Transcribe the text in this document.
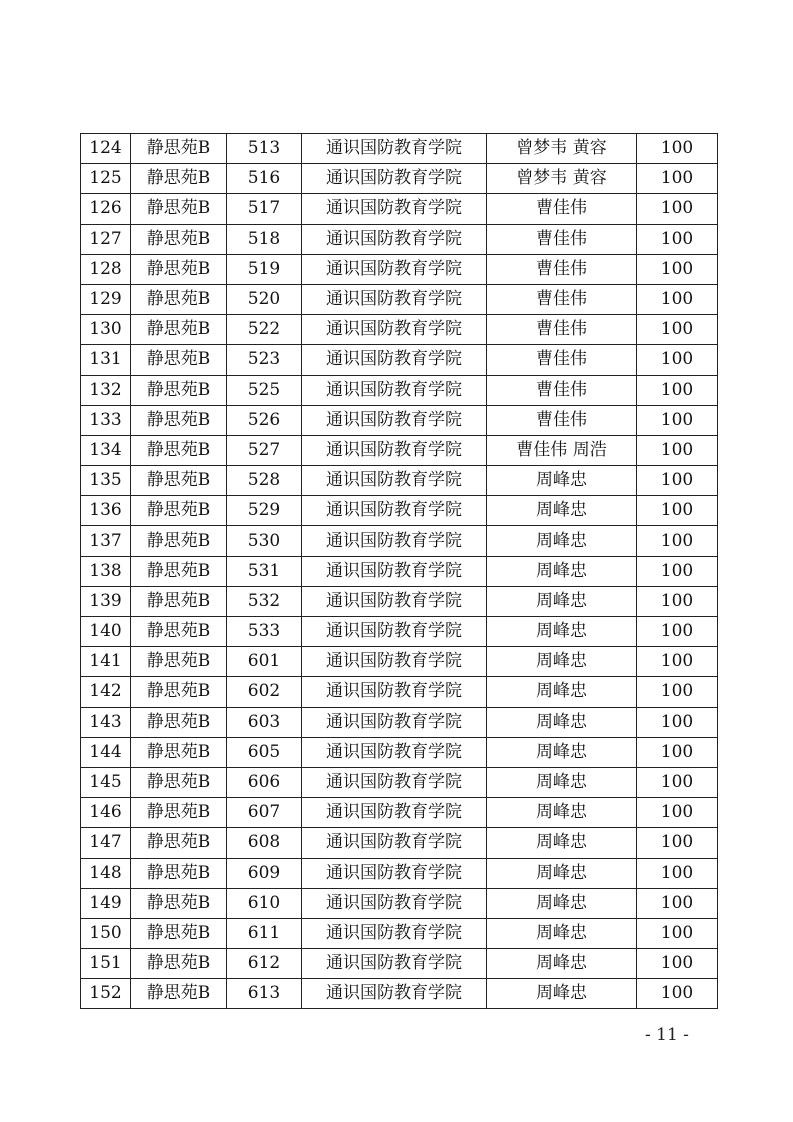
124	静思苑B	513	通识国防教育学院	曾梦韦 黄容	100
125	静思苑B	516	通识国防教育学院	曾梦韦 黄容	100
126	静思苑B	517	通识国防教育学院	曹佳伟	100
127	静思苑B	518	通识国防教育学院	曹佳伟	100
128	静思苑B	519	通识国防教育学院	曹佳伟	100
129	静思苑B	520	通识国防教育学院	曹佳伟	100
130	静思苑B	522	通识国防教育学院	曹佳伟	100
131	静思苑B	523	通识国防教育学院	曹佳伟	100
132	静思苑B	525	通识国防教育学院	曹佳伟	100
133	静思苑B	526	通识国防教育学院	曹佳伟	100
134	静思苑B	527	通识国防教育学院	曹佳伟 周浩	100
135	静思苑B	528	通识国防教育学院	周峰忠	100
136	静思苑B	529	通识国防教育学院	周峰忠	100
137	静思苑B	530	通识国防教育学院	周峰忠	100
138	静思苑B	531	通识国防教育学院	周峰忠	100
139	静思苑B	532	通识国防教育学院	周峰忠	100
140	静思苑B	533	通识国防教育学院	周峰忠	100
141	静思苑B	601	通识国防教育学院	周峰忠	100
142	静思苑B	602	通识国防教育学院	周峰忠	100
143	静思苑B	603	通识国防教育学院	周峰忠	100
144	静思苑B	605	通识国防教育学院	周峰忠	100
145	静思苑B	606	通识国防教育学院	周峰忠	100
146	静思苑B	607	通识国防教育学院	周峰忠	100
147	静思苑B	608	通识国防教育学院	周峰忠	100
148	静思苑B	609	通识国防教育学院	周峰忠	100
149	静思苑B	610	通识国防教育学院	周峰忠	100
150	静思苑B	611	通识国防教育学院	周峰忠	100
151	静思苑B	612	通识国防教育学院	周峰忠	100
152	静思苑B	613	通识国防教育学院	周峰忠	100
- 11 -
